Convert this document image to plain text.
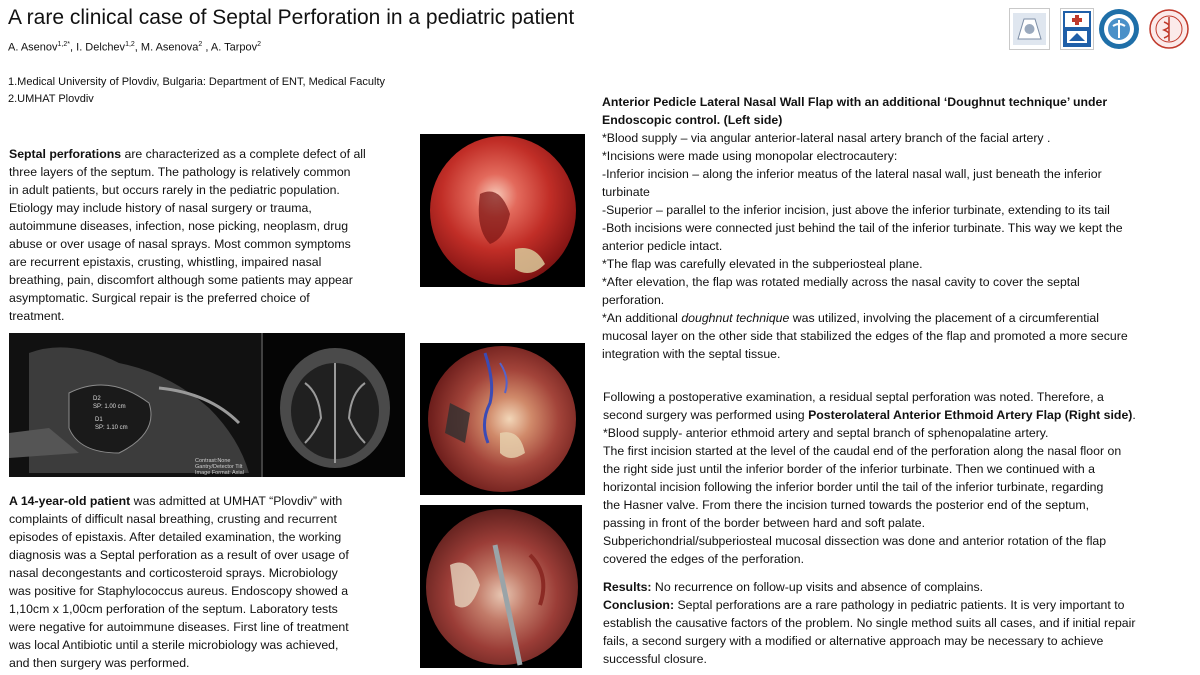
A rare clinical case of Septal Perforation in a pediatric patient
A. Asenov$^{1,2*}$, I. Delchev$^{1,2}$, M. Asenova$^2$ , A. Tarpov$^2$
1.Medical University of Plovdiv, Bulgaria: Department of ENT, Medical Faculty
2.UMHAT Plovdiv
Septal perforations are characterized as a complete defect of all
three layers of the septum. The pathology is relatively common
in adult patients, but occurs rarely in the pediatric population.
Etiology may include history of nasal surgery or trauma,
autoimmune diseases, infection, nose picking, neoplasm, drug
abuse or over usage of nasal sprays. Most common symptoms
are recurrent epistaxis, crusting, whistling, impaired nasal
breathing, pain, discomfort although some patients may appear
asymptomatic. Surgical repair is the preferred choice of
treatment.
D2
SP: 1.00 cm
D1
SP: 1.10 cm
Contrast:None
Gantry/Detector Tilt
Image Format: Axial
A 14-year-old patient was admitted at UMHAT “Plovdiv” with
complaints of difficult nasal breathing, crusting and recurrent
episodes of epistaxis. After detailed examination, the working
diagnosis was a Septal perforation as a result of over usage of
nasal decongestants and corticosteroid sprays. Microbiology
was positive for Staphylococcus aureus. Endoscopy showed a
1,10cm x 1,00cm perforation of the septum. Laboratory tests
were negative for autoimmune diseases. First line of treatment
was local Antibiotic until a sterile microbiology was achieved,
and then surgery was performed.
Anterior Pedicle Lateral Nasal Wall Flap with an additional ‘Doughnut technique’ under
Endoscopic control. (Left side)
*Blood supply – via angular anterior-lateral nasal artery branch of the facial artery .
*Incisions were made using monopolar electrocautery:
-Inferior incision – along the inferior meatus of the lateral nasal wall, just beneath the inferior
turbinate
-Superior – parallel to the inferior incision, just above the inferior turbinate, extending to its tail
-Both incisions were connected just behind the tail of the inferior turbinate. This way we kept the
anterior pedicle intact.
*The flap was carefully elevated in the subperiosteal plane.
*After elevation, the flap was rotated medially across the nasal cavity to cover the septal
perforation.
*An additional doughnut technique was utilized, involving the placement of a circumferential
mucosal layer on the other side that stabilized the edges of the flap and promoted a more secure
integration with the septal tissue.
Following a postoperative examination, a residual septal perforation was noted. Therefore, a
second surgery was performed using Posterolateral Anterior Ethmoid Artery Flap (Right side).
*Blood supply- anterior ethmoid artery and septal branch of sphenopalatine artery.
The first incision started at the level of the caudal end of the perforation along the nasal floor on
the right side just until the inferior border of the inferior turbinate. Then we continued with a
horizontal incision following the inferior border until the tail of the inferior turbinate, regarding
the Hasner valve. From there the incision turned towards the posterior end of the septum,
passing in front of the border between hard and soft palate.
Subperichondrial/subperiosteal mucosal dissection was done and anterior rotation of the flap
covered the edges of the perforation.
Results: No recurrence on follow-up visits and absence of complains.
Conclusion: Septal perforations are a rare pathology in pediatric patients. It is very important to
establish the causative factors of the problem. No single method suits all cases, and if initial repair
fails, a second surgery with a modified or alternative approach may be necessary to achieve
successful closure.
